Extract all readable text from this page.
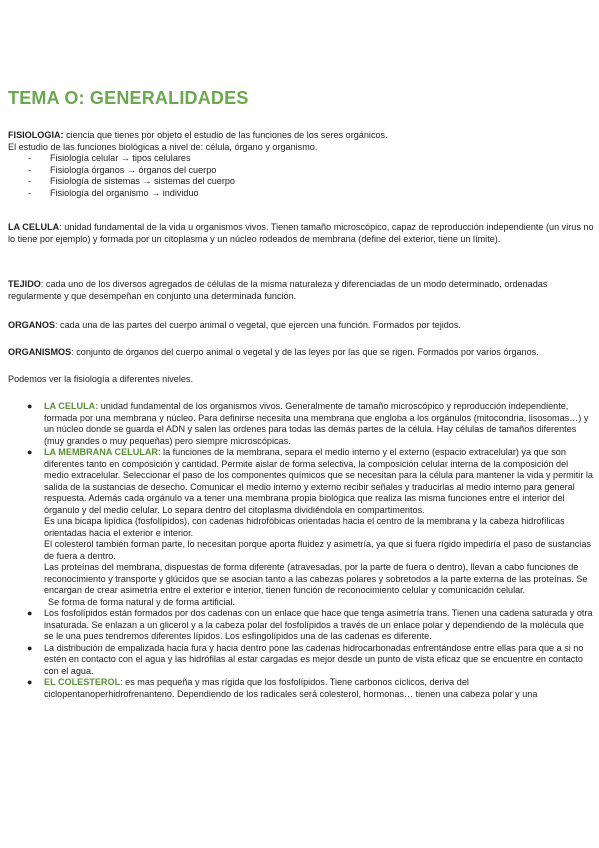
TEMA O: GENERALIDADES

FISIOLOGIA: ciencia que tienes por objeto el estudio de las funciones de los seres orgánicos.

El estudio de las funciones biológicas a nivel de: célula, órgano y organismo.

- Fisiología celular → tipos celulares

- Fisiología órganos → órganos del cuerpo

- Fisiología de sistemas → sistemas del cuerpo

- Fisiología del organismo → individuo

LA CELULA: unidad fundamental de la vida u organismos vivos. Tienen tamaño microscópico, capaz de reproducción independiente (un virus no lo tiene por ejemplo) y formada por un citoplasma y un núcleo rodeados de membrana (define del exterior, tiene un límite).

TEJIDO: cada uno de los diversos agregados de células de la misma naturaleza y diferenciadas de un modo determinado, ordenadas regularmente y que desempeñan en conjunto una determinada función.

ORGANOS: cada una de las partes del cuerpo animal o vegetal, que ejercen una función. Formados por tejidos.

ORGANISMOS: conjunto de órganos del cuerpo animal o vegetal y de las leyes por las que se rigen. Formados por varios órganos.

Podemos ver la fisiología a diferentes niveles.
● LA CELULA: unidad fundamental de los organismos vivos. Generalmente de tamaño microscópico y reproducción independiente, formada por una membrana y núcleo. Para definirse necesita una membrana que engloba a los orgánulos (mitocondria, lisosomas…) y un núcleo donde se guarda el ADN y salen las ordenes para todas las demás partes de la célula. Hay células de tamaños diferentes (muy grandes o muy pequeñas) pero siempre microscópicas.
● LA MEMBRANA CELULAR: la funciones de la membrana, separa el medio interno y el externo (espacio extracelular) ya que son diferentes tanto en composición y cantidad. Permite aislar de forma selectiva, la composición celular interna de la composición del medio extracelular. Seleccionar el paso de los componentes químicos que se necesitan para la célula para mantener la vida y permitir la salida de la sustancias de desecho. Comunicar el medio interno y externo recibir señales y traducirlas al medio interno para general respuesta. Además cada orgánulo va a tener una membrana propia biológica que realiza las misma funciones entre el interior del órganulo y del medio celular. Lo separa dentro del citoplasma dividiéndola en compartimentos.

Es una bicapa lipídica (fosfolípidos), con cadenas hidrofóbicas orientadas hacia el centro de la membrana y la cabeza hidrofílicas orientadas hacia el exterior e interior.

El colesterol también forman parte, lo necesitan porque aporta fluidez y asimetría, ya que si fuera rígido impediría el paso de sustancias de fuera a dentro.

Las proteínas del membrana, dispuestas de forma diferente (atravesadas, por la parte de fuera o dentro), llevan a cabo funciones de reconocimiento y transporte y glúcidos que se asocian tanto a las cabezas polares y sobretodos a la parte externa de las proteínas. Se encargan de crear asimetría entre el exterior e interior, tienen función de reconocimiento celular y comunicación celular.

Se forma de forma natural y de forma artificial.

● Los fosfolípidos están formados por dos cadenas con un enlace que hace que tenga asimetría trans. Tienen una cadena saturada y otra insaturada. Se enlazan a un glicerol y a la cabeza polar del fosfolípidos a través de un enlace polar y dependiendo de la molécula que se le una pues tendremos diferentes lípidos. Los esfingolípidos una de las cadenas es diferente.
● La distribución de empalizada hacia fura y hacia dentro pone las cadenas hidrocarbonadas enfrentándose entre ellas para que a si no estén en contacto con el agua y las hidrófilas al estar cargadas es mejor desde un punto de vista eficaz que se encuentre en contacto con el agua.
● EL COLESTEROL: es mas pequeña y mas rígida que los fosfolípidos. Tiene carbonos cíclicos, deriva del ciclopentanoperhidrofrenanteno. Dependiendo de los radicales será colesterol, hormonas… tienen una cabeza polar y una
